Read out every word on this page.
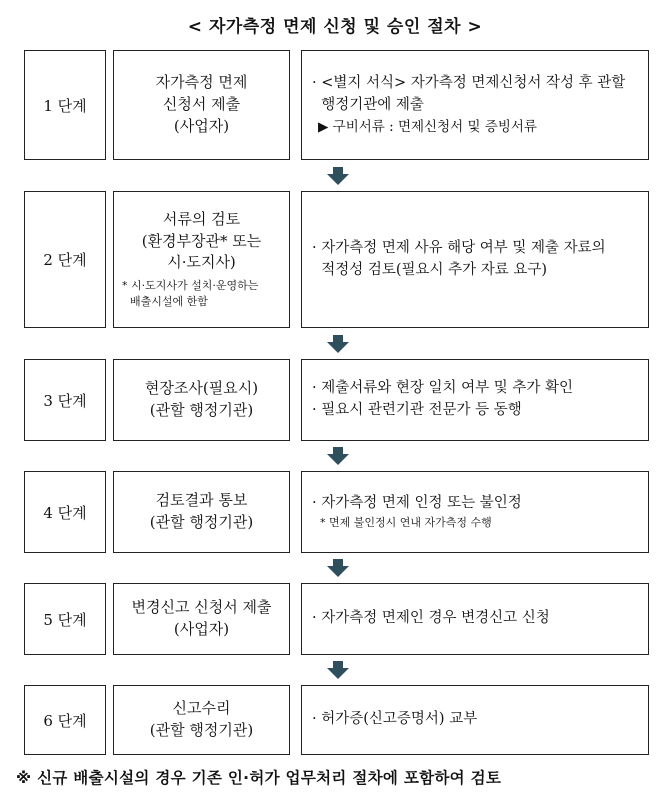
< 자가측정 면제 신청 및 승인 절차 >
1 단계
자가측정 면제
신청서 제출
(사업자)
· <별지 서식> 자가측정 면제신청서 작성 후 관할
행정기관에 제출
▶ 구비서류 : 면제신청서 및 증빙서류
2 단계
서류의 검토
(환경부장관* 또는
시·도지사)
* 시·도지사가 설치·운영하는
배출시설에 한함
· 자가측정 면제 사유 해당 여부 및 제출 자료의
적정성 검토(필요시 추가 자료 요구)
3 단계
현장조사(필요시)
(관할 행정기관)
· 제출서류와 현장 일치 여부 및 추가 확인
· 필요시 관련기관 전문가 등 동행
4 단계
검토결과 통보
(관할 행정기관)
· 자가측정 면제 인정 또는 불인정
* 면제 불인정시 연내 자가측정 수행
5 단계
변경신고 신청서 제출
(사업자)
· 자가측정 면제인 경우 변경신고 신청
6 단계
신고수리
(관할 행정기관)
· 허가증(신고증명서) 교부
※ 신규 배출시설의 경우 기존 인·허가 업무처리 절차에 포함하여 검토
